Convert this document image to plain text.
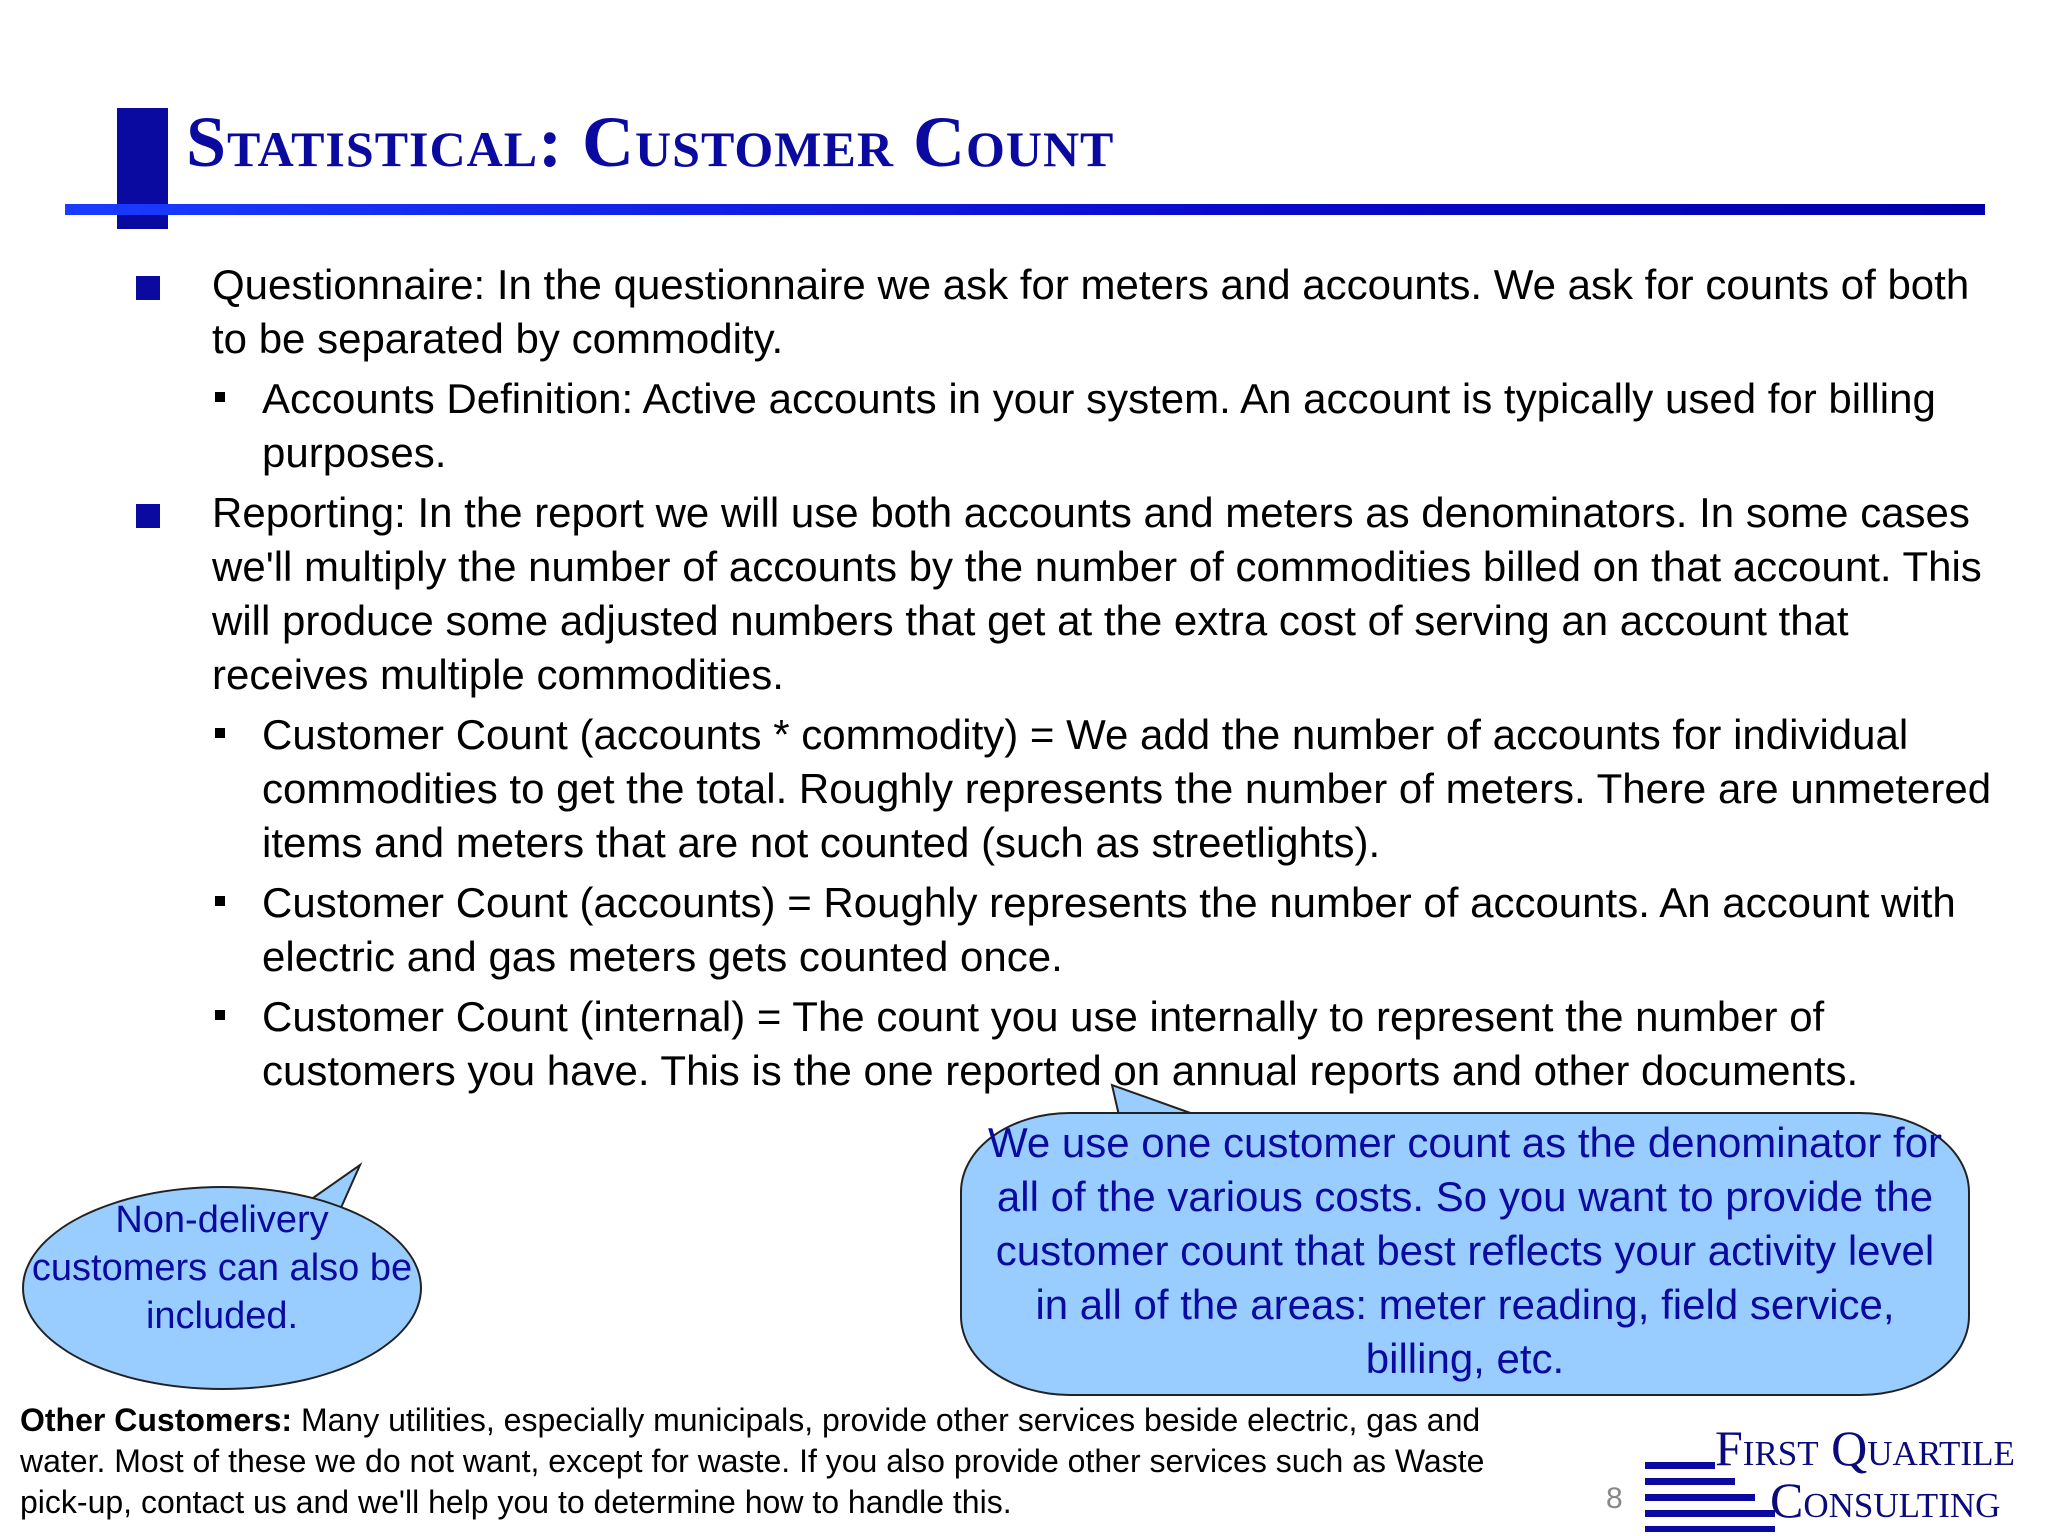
Statistical: Customer Count
Questionnaire: In the questionnaire we ask for meters and accounts. We ask for counts of both to be separated by commodity.
Accounts Definition: Active accounts in your system. An account is typically used for billing purposes.
Reporting: In the report we will use both accounts and meters as denominators. In some cases we'll multiply the number of accounts by the number of commodities billed on that account. This will produce some adjusted numbers that get at the extra cost of serving an account that receives multiple commodities.
Customer Count (accounts * commodity) = We add the number of accounts for individual commodities to get the total. Roughly represents the number of meters. There are unmetered items and meters that are not counted (such as streetlights).
Customer Count (accounts) = Roughly represents the number of accounts. An account with electric and gas meters gets counted once.
Customer Count (internal) = The count you use internally to represent the number of customers you have. This is the one reported on annual reports and other documents.
Non-delivery customers can also be included.
We use one customer count as the denominator for all of the various costs. So you want to provide the customer count that best reflects your activity level in all of the areas: meter reading, field service, billing, etc.
Other Customers: Many utilities, especially municipals, provide other services beside electric, gas and water. Most of these we do not want, except for waste. If you also provide other services such as Waste pick-up, contact us and we'll help you to determine how to handle this.	8
First Quartile
Consulting
